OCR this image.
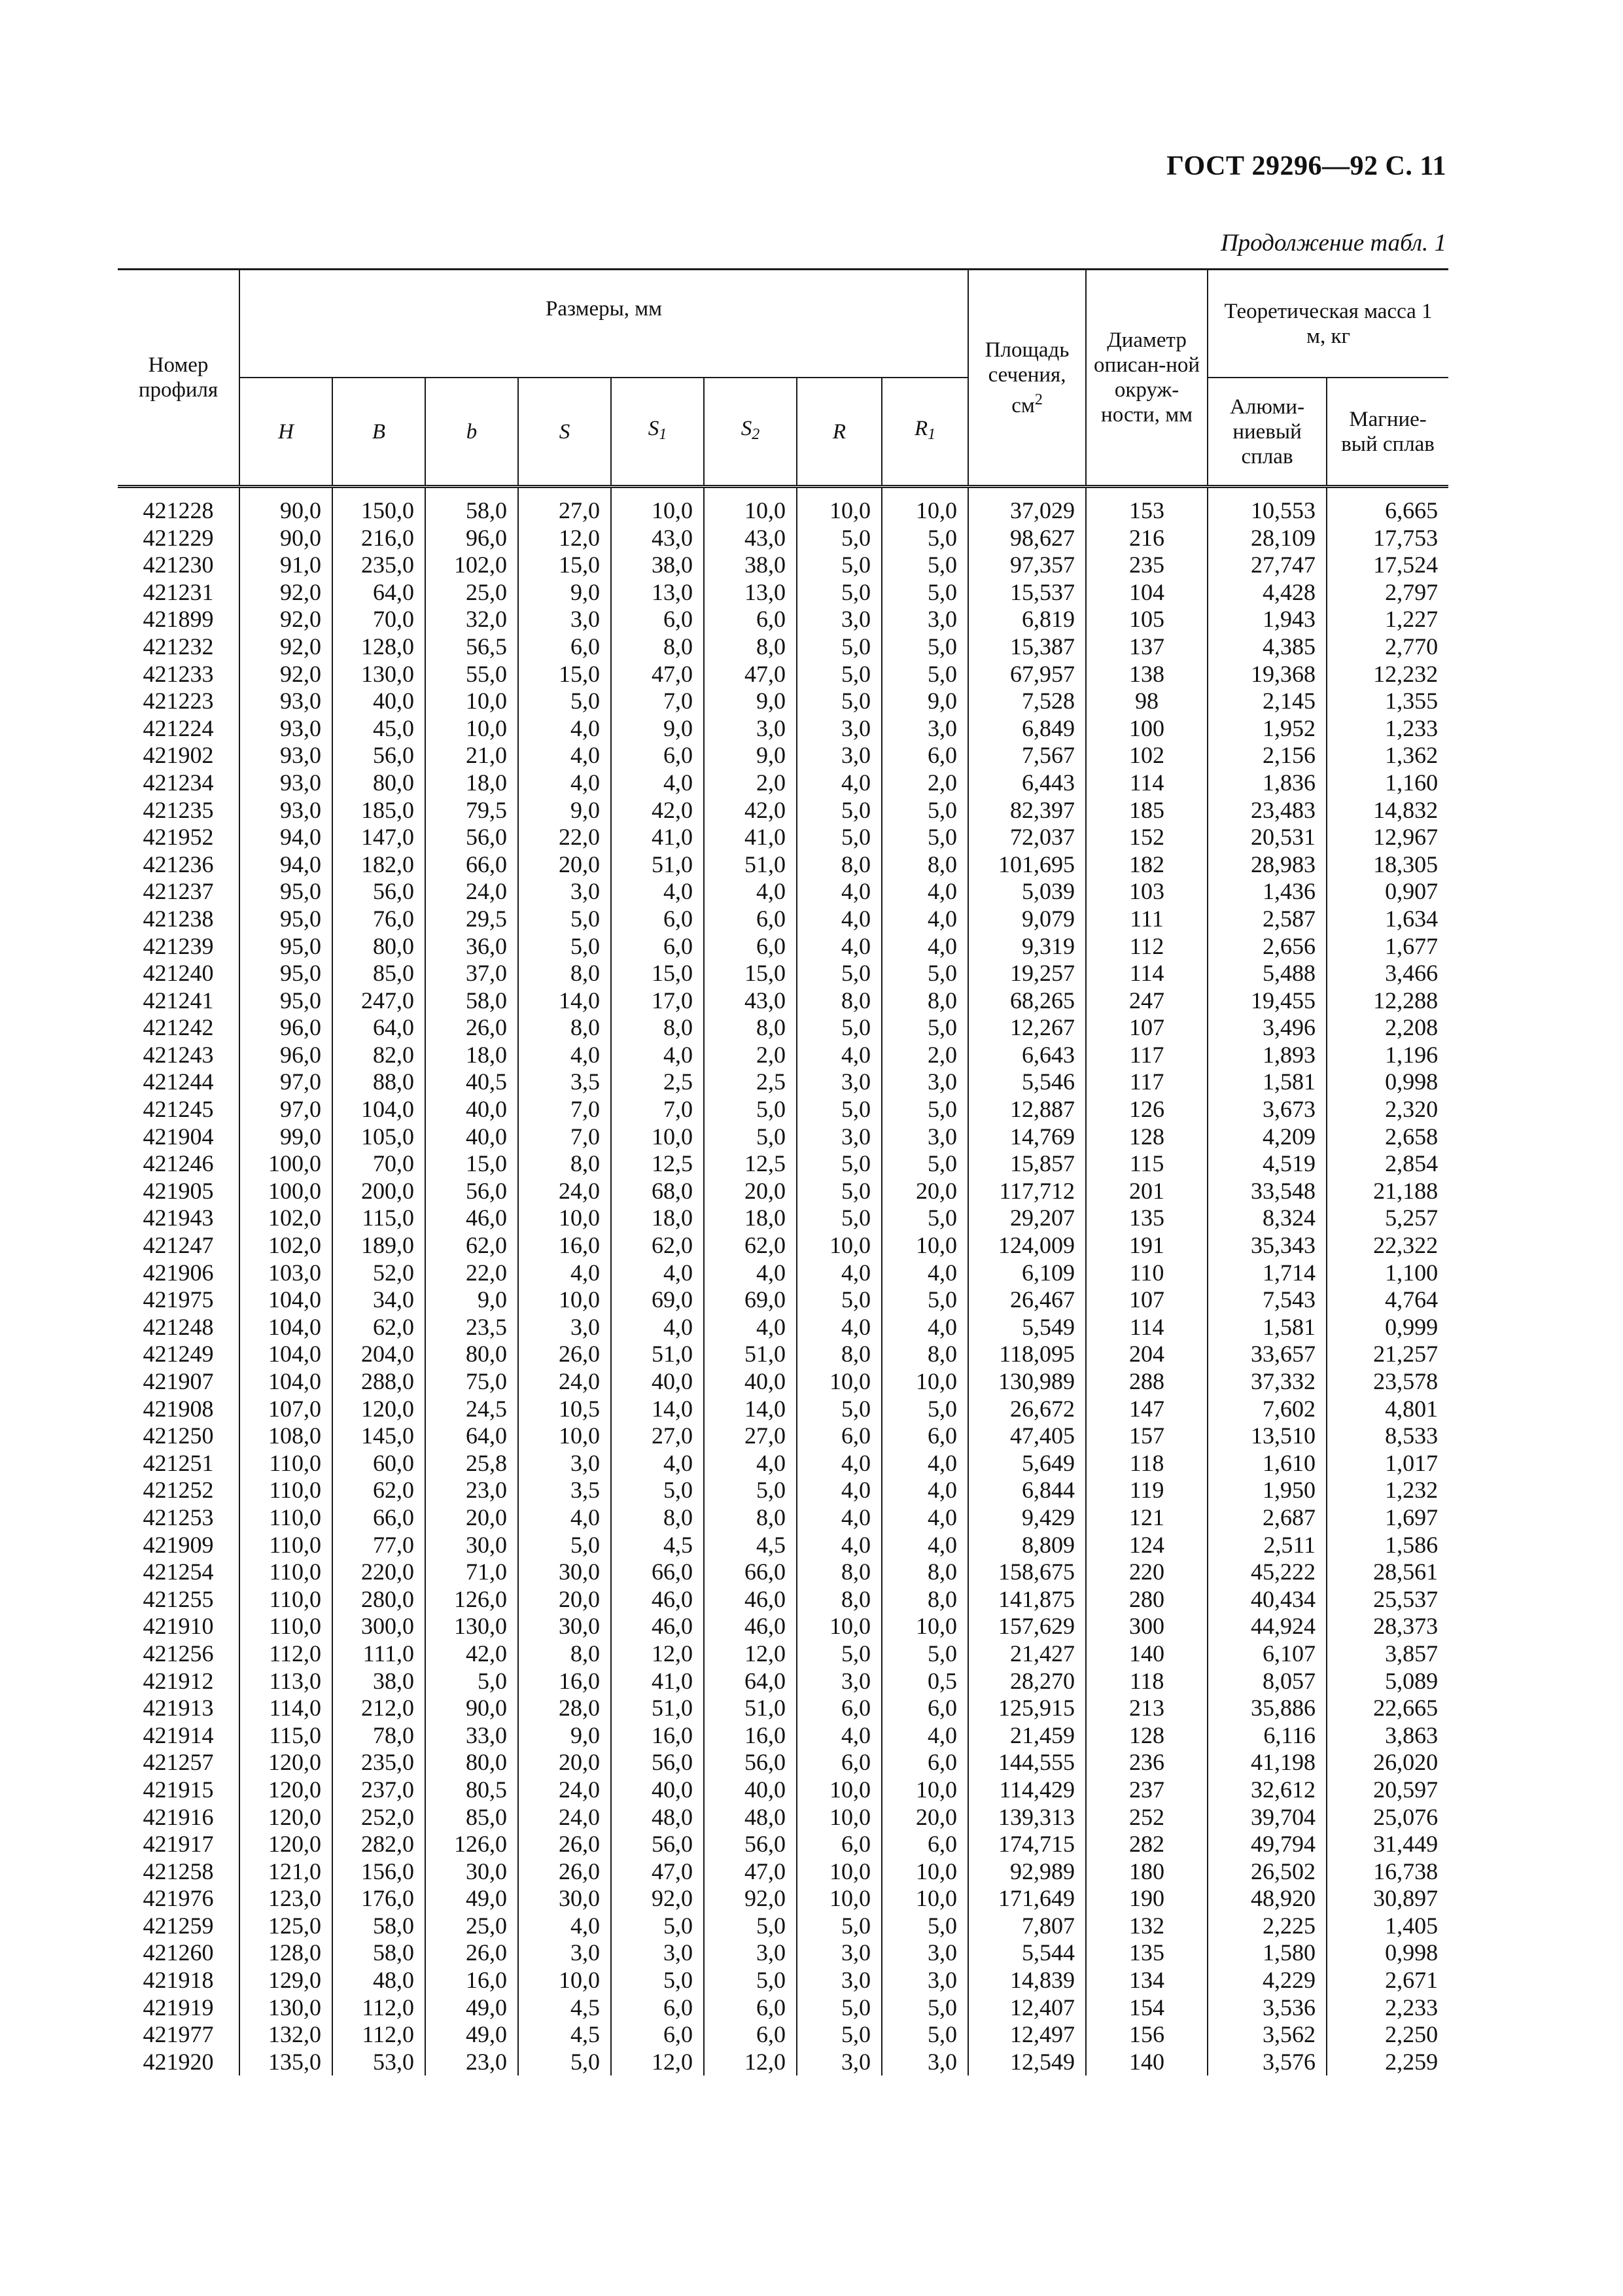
ГОСТ 29296—92 С. 11
Продолжение табл. 1
Номер профиля	Размеры, мм								Площадь сечения, $см^2$	Диаметр описан-ной окруж-ности, мм	Теоретическая масса 1 м, кг	
	H	B	b	S	$S_1$	$S_2$	R	$R_1$			Алюми-ниевый сплав	Магние-вый сплав
421228	90,0	150,0	58,0	27,0	10,0	10,0	10,0	10,0	37,029	153	10,553	6,665
421229	90,0	216,0	96,0	12,0	43,0	43,0	5,0	5,0	98,627	216	28,109	17,753
421230	91,0	235,0	102,0	15,0	38,0	38,0	5,0	5,0	97,357	235	27,747	17,524
421231	92,0	64,0	25,0	9,0	13,0	13,0	5,0	5,0	15,537	104	4,428	2,797
421899	92,0	70,0	32,0	3,0	6,0	6,0	3,0	3,0	6,819	105	1,943	1,227
421232	92,0	128,0	56,5	6,0	8,0	8,0	5,0	5,0	15,387	137	4,385	2,770
421233	92,0	130,0	55,0	15,0	47,0	47,0	5,0	5,0	67,957	138	19,368	12,232
421223	93,0	40,0	10,0	5,0	7,0	9,0	5,0	9,0	7,528	98	2,145	1,355
421224	93,0	45,0	10,0	4,0	9,0	3,0	3,0	3,0	6,849	100	1,952	1,233
421902	93,0	56,0	21,0	4,0	6,0	9,0	3,0	6,0	7,567	102	2,156	1,362
421234	93,0	80,0	18,0	4,0	4,0	2,0	4,0	2,0	6,443	114	1,836	1,160
421235	93,0	185,0	79,5	9,0	42,0	42,0	5,0	5,0	82,397	185	23,483	14,832
421952	94,0	147,0	56,0	22,0	41,0	41,0	5,0	5,0	72,037	152	20,531	12,967
421236	94,0	182,0	66,0	20,0	51,0	51,0	8,0	8,0	101,695	182	28,983	18,305
421237	95,0	56,0	24,0	3,0	4,0	4,0	4,0	4,0	5,039	103	1,436	0,907
421238	95,0	76,0	29,5	5,0	6,0	6,0	4,0	4,0	9,079	111	2,587	1,634
421239	95,0	80,0	36,0	5,0	6,0	6,0	4,0	4,0	9,319	112	2,656	1,677
421240	95,0	85,0	37,0	8,0	15,0	15,0	5,0	5,0	19,257	114	5,488	3,466
421241	95,0	247,0	58,0	14,0	17,0	43,0	8,0	8,0	68,265	247	19,455	12,288
421242	96,0	64,0	26,0	8,0	8,0	8,0	5,0	5,0	12,267	107	3,496	2,208
421243	96,0	82,0	18,0	4,0	4,0	2,0	4,0	2,0	6,643	117	1,893	1,196
421244	97,0	88,0	40,5	3,5	2,5	2,5	3,0	3,0	5,546	117	1,581	0,998
421245	97,0	104,0	40,0	7,0	7,0	5,0	5,0	5,0	12,887	126	3,673	2,320
421904	99,0	105,0	40,0	7,0	10,0	5,0	3,0	3,0	14,769	128	4,209	2,658
421246	100,0	70,0	15,0	8,0	12,5	12,5	5,0	5,0	15,857	115	4,519	2,854
421905	100,0	200,0	56,0	24,0	68,0	20,0	5,0	20,0	117,712	201	33,548	21,188
421943	102,0	115,0	46,0	10,0	18,0	18,0	5,0	5,0	29,207	135	8,324	5,257
421247	102,0	189,0	62,0	16,0	62,0	62,0	10,0	10,0	124,009	191	35,343	22,322
421906	103,0	52,0	22,0	4,0	4,0	4,0	4,0	4,0	6,109	110	1,714	1,100
421975	104,0	34,0	9,0	10,0	69,0	69,0	5,0	5,0	26,467	107	7,543	4,764
421248	104,0	62,0	23,5	3,0	4,0	4,0	4,0	4,0	5,549	114	1,581	0,999
421249	104,0	204,0	80,0	26,0	51,0	51,0	8,0	8,0	118,095	204	33,657	21,257
421907	104,0	288,0	75,0	24,0	40,0	40,0	10,0	10,0	130,989	288	37,332	23,578
421908	107,0	120,0	24,5	10,5	14,0	14,0	5,0	5,0	26,672	147	7,602	4,801
421250	108,0	145,0	64,0	10,0	27,0	27,0	6,0	6,0	47,405	157	13,510	8,533
421251	110,0	60,0	25,8	3,0	4,0	4,0	4,0	4,0	5,649	118	1,610	1,017
421252	110,0	62,0	23,0	3,5	5,0	5,0	4,0	4,0	6,844	119	1,950	1,232
421253	110,0	66,0	20,0	4,0	8,0	8,0	4,0	4,0	9,429	121	2,687	1,697
421909	110,0	77,0	30,0	5,0	4,5	4,5	4,0	4,0	8,809	124	2,511	1,586
421254	110,0	220,0	71,0	30,0	66,0	66,0	8,0	8,0	158,675	220	45,222	28,561
421255	110,0	280,0	126,0	20,0	46,0	46,0	8,0	8,0	141,875	280	40,434	25,537
421910	110,0	300,0	130,0	30,0	46,0	46,0	10,0	10,0	157,629	300	44,924	28,373
421256	112,0	111,0	42,0	8,0	12,0	12,0	5,0	5,0	21,427	140	6,107	3,857
421912	113,0	38,0	5,0	16,0	41,0	64,0	3,0	0,5	28,270	118	8,057	5,089
421913	114,0	212,0	90,0	28,0	51,0	51,0	6,0	6,0	125,915	213	35,886	22,665
421914	115,0	78,0	33,0	9,0	16,0	16,0	4,0	4,0	21,459	128	6,116	3,863
421257	120,0	235,0	80,0	20,0	56,0	56,0	6,0	6,0	144,555	236	41,198	26,020
421915	120,0	237,0	80,5	24,0	40,0	40,0	10,0	10,0	114,429	237	32,612	20,597
421916	120,0	252,0	85,0	24,0	48,0	48,0	10,0	20,0	139,313	252	39,704	25,076
421917	120,0	282,0	126,0	26,0	56,0	56,0	6,0	6,0	174,715	282	49,794	31,449
421258	121,0	156,0	30,0	26,0	47,0	47,0	10,0	10,0	92,989	180	26,502	16,738
421976	123,0	176,0	49,0	30,0	92,0	92,0	10,0	10,0	171,649	190	48,920	30,897
421259	125,0	58,0	25,0	4,0	5,0	5,0	5,0	5,0	7,807	132	2,225	1,405
421260	128,0	58,0	26,0	3,0	3,0	3,0	3,0	3,0	5,544	135	1,580	0,998
421918	129,0	48,0	16,0	10,0	5,0	5,0	3,0	3,0	14,839	134	4,229	2,671
421919	130,0	112,0	49,0	4,5	6,0	6,0	5,0	5,0	12,407	154	3,536	2,233
421977	132,0	112,0	49,0	4,5	6,0	6,0	5,0	5,0	12,497	156	3,562	2,250
421920	135,0	53,0	23,0	5,0	12,0	12,0	3,0	3,0	12,549	140	3,576	2,259
